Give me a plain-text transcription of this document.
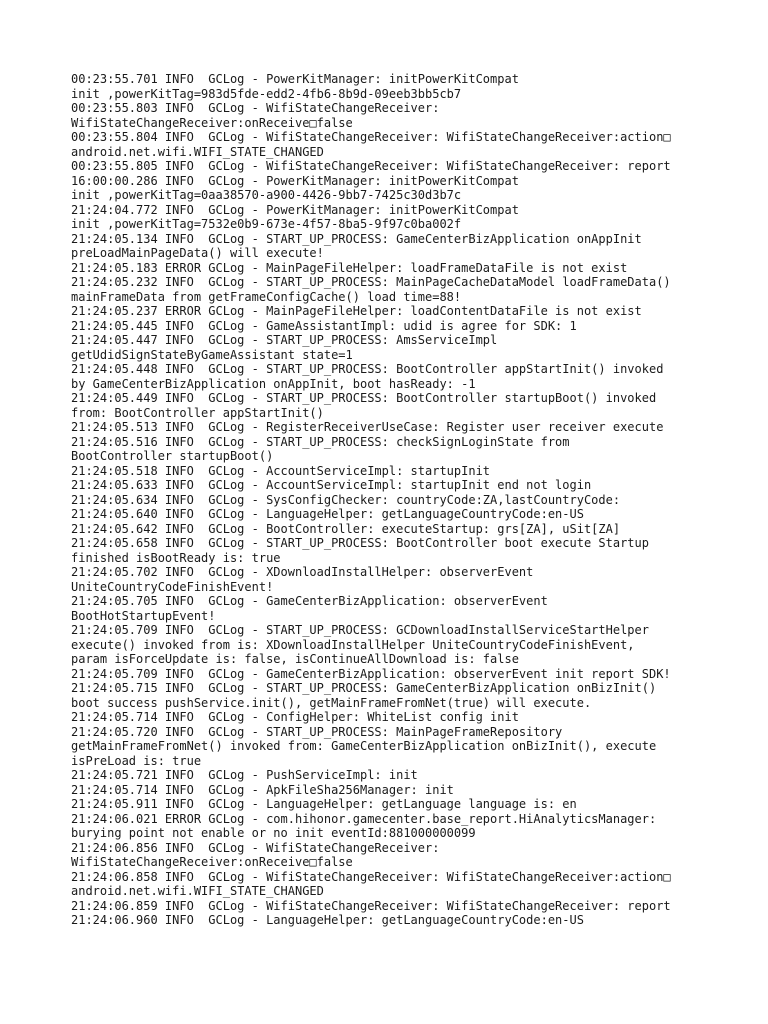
00:23:55.701 INFO  GCLog - PowerKitManager: initPowerKitCompat
init ,powerKitTag=983d5fde-edd2-4fb6-8b9d-09eeb3bb5cb7
00:23:55.803 INFO  GCLog - WifiStateChangeReceiver:
WifiStateChangeReceiver:onReceive□false
00:23:55.804 INFO  GCLog - WifiStateChangeReceiver: WifiStateChangeReceiver:action□
android.net.wifi.WIFI_STATE_CHANGED
00:23:55.805 INFO  GCLog - WifiStateChangeReceiver: WifiStateChangeReceiver: report
16:00:00.286 INFO  GCLog - PowerKitManager: initPowerKitCompat
init ,powerKitTag=0aa38570-a900-4426-9bb7-7425c30d3b7c
21:24:04.772 INFO  GCLog - PowerKitManager: initPowerKitCompat
init ,powerKitTag=7532e0b9-673e-4f57-8ba5-9f97c0ba002f
21:24:05.134 INFO  GCLog - START_UP_PROCESS: GameCenterBizApplication onAppInit
preLoadMainPageData() will execute!
21:24:05.183 ERROR GCLog - MainPageFileHelper: loadFrameDataFile is not exist
21:24:05.232 INFO  GCLog - START_UP_PROCESS: MainPageCacheDataModel loadFrameData()
mainFrameData from getFrameConfigCache() load time=88!
21:24:05.237 ERROR GCLog - MainPageFileHelper: loadContentDataFile is not exist
21:24:05.445 INFO  GCLog - GameAssistantImpl: udid is agree for SDK: 1
21:24:05.447 INFO  GCLog - START_UP_PROCESS: AmsServiceImpl
getUdidSignStateByGameAssistant state=1
21:24:05.448 INFO  GCLog - START_UP_PROCESS: BootController appStartInit() invoked
by GameCenterBizApplication onAppInit, boot hasReady: -1
21:24:05.449 INFO  GCLog - START_UP_PROCESS: BootController startupBoot() invoked
from: BootController appStartInit()
21:24:05.513 INFO  GCLog - RegisterReceiverUseCase: Register user receiver execute
21:24:05.516 INFO  GCLog - START_UP_PROCESS: checkSignLoginState from
BootController startupBoot()
21:24:05.518 INFO  GCLog - AccountServiceImpl: startupInit
21:24:05.633 INFO  GCLog - AccountServiceImpl: startupInit end not login
21:24:05.634 INFO  GCLog - SysConfigChecker: countryCode:ZA,lastCountryCode:
21:24:05.640 INFO  GCLog - LanguageHelper: getLanguageCountryCode:en-US
21:24:05.642 INFO  GCLog - BootController: executeStartup: grs[ZA], uSit[ZA]
21:24:05.658 INFO  GCLog - START_UP_PROCESS: BootController boot execute Startup
finished isBootReady is: true
21:24:05.702 INFO  GCLog - XDownloadInstallHelper: observerEvent
UniteCountryCodeFinishEvent!
21:24:05.705 INFO  GCLog - GameCenterBizApplication: observerEvent
BootHotStartupEvent!
21:24:05.709 INFO  GCLog - START_UP_PROCESS: GCDownloadInstallServiceStartHelper
execute() invoked from is: XDownloadInstallHelper UniteCountryCodeFinishEvent,
param isForceUpdate is: false, isContinueAllDownload is: false
21:24:05.709 INFO  GCLog - GameCenterBizApplication: observerEvent init report SDK!
21:24:05.715 INFO  GCLog - START_UP_PROCESS: GameCenterBizApplication onBizInit()
boot success pushService.init(), getMainFrameFromNet(true) will execute.
21:24:05.714 INFO  GCLog - ConfigHelper: WhiteList config init
21:24:05.720 INFO  GCLog - START_UP_PROCESS: MainPageFrameRepository
getMainFrameFromNet() invoked from: GameCenterBizApplication onBizInit(), execute
isPreLoad is: true
21:24:05.721 INFO  GCLog - PushServiceImpl: init
21:24:05.714 INFO  GCLog - ApkFileSha256Manager: init
21:24:05.911 INFO  GCLog - LanguageHelper: getLanguage language is: en
21:24:06.021 ERROR GCLog - com.hihonor.gamecenter.base_report.HiAnalyticsManager:
burying point not enable or no init eventId:881000000099
21:24:06.856 INFO  GCLog - WifiStateChangeReceiver:
WifiStateChangeReceiver:onReceive□false
21:24:06.858 INFO  GCLog - WifiStateChangeReceiver: WifiStateChangeReceiver:action□
android.net.wifi.WIFI_STATE_CHANGED
21:24:06.859 INFO  GCLog - WifiStateChangeReceiver: WifiStateChangeReceiver: report
21:24:06.960 INFO  GCLog - LanguageHelper: getLanguageCountryCode:en-US
